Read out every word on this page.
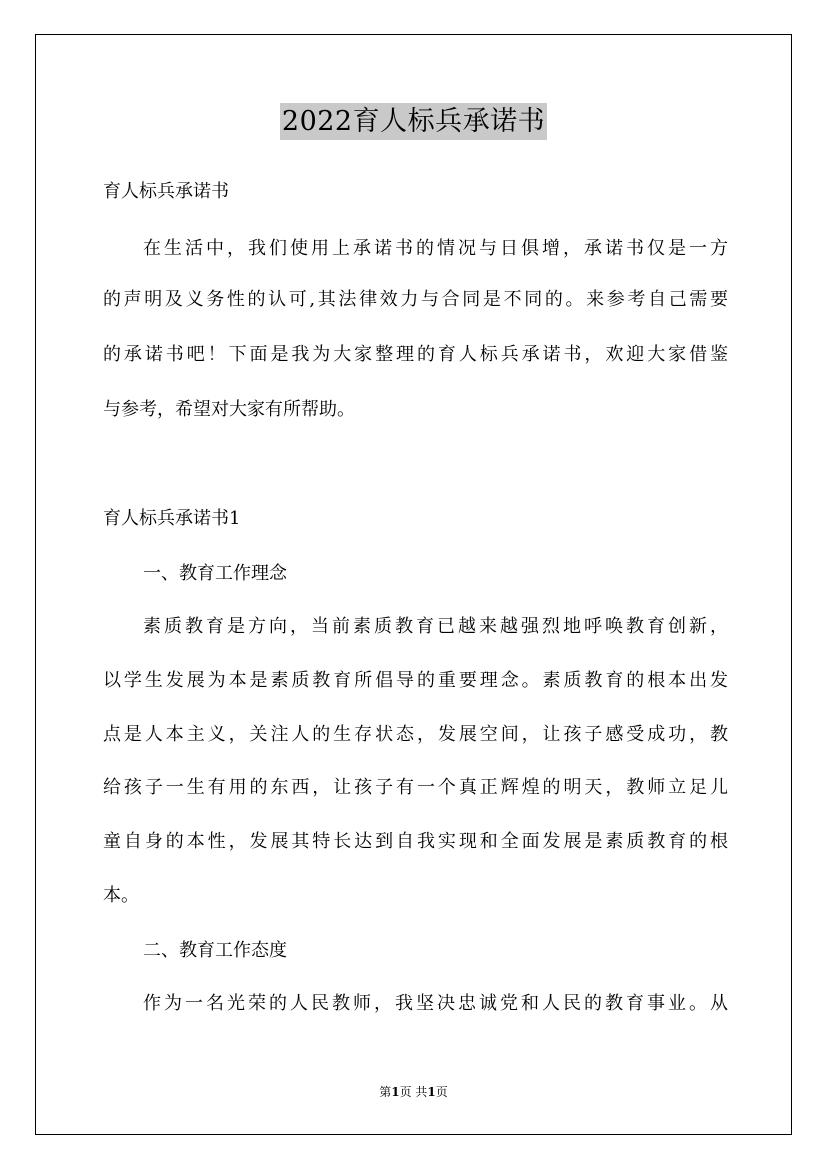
2022育人标兵承诺书
育人标兵承诺书
在生活中，我们使用上承诺书的情况与日俱增，承诺书仅是一方
的声明及义务性的认可,其法律效力与合同是不同的。来参考自己需要
的承诺书吧！下面是我为大家整理的育人标兵承诺书，欢迎大家借鉴
与参考，希望对大家有所帮助。
育人标兵承诺书1
一、教育工作理念
素质教育是方向，当前素质教育已越来越强烈地呼唤教育创新，
以学生发展为本是素质教育所倡导的重要理念。素质教育的根本出发
点是人本主义，关注人的生存状态，发展空间，让孩子感受成功，教
给孩子一生有用的东西，让孩子有一个真正辉煌的明天，教师立足儿
童自身的本性，发展其特长达到自我实现和全面发展是素质教育的根
本。
二、教育工作态度
作为一名光荣的人民教师，我坚决忠诚党和人民的教育事业。从
第1页 共1页
